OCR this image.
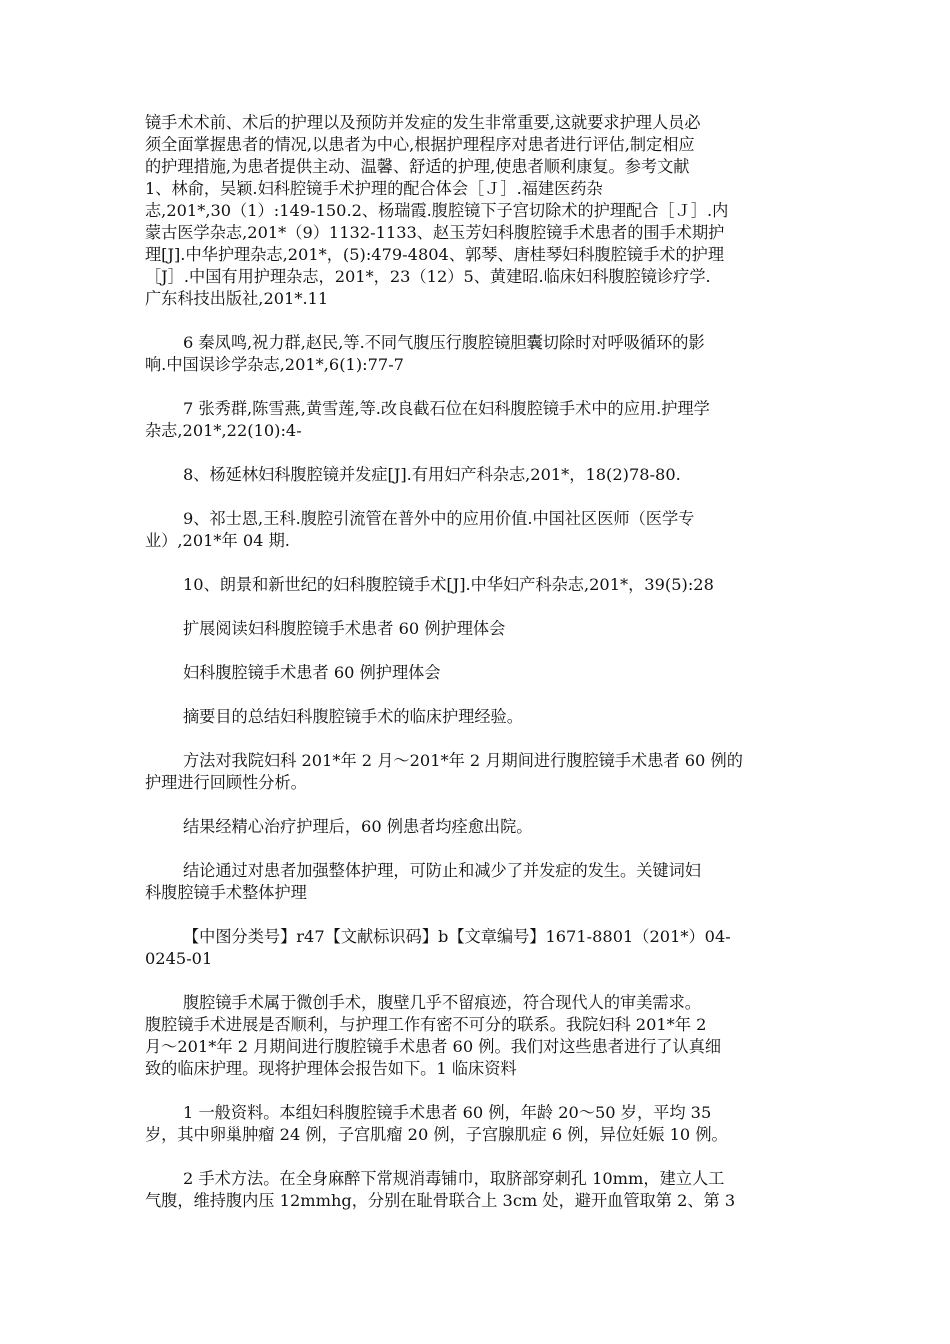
镜手术术前、术后的护理以及预防并发症的发生非常重要,这就要求护理人员必
须全面掌握患者的情况,以患者为中心,根据护理程序对患者进行评估,制定相应
的护理措施,为患者提供主动、温馨、舒适的护理,使患者顺利康复。参考文献
1、林俞，吴颖.妇科腔镜手术护理的配合体会［Ｊ］.福建医药杂
志,201*,30（1）:149-150.2、杨瑞霞.腹腔镜下子宫切除术的护理配合［Ｊ］.内
蒙古医学杂志,201*（9）1132-1133、赵玉芳妇科腹腔镜手术患者的围手术期护
理[J].中华护理杂志,201*，(5):479-4804、郭琴、唐桂琴妇科腹腔镜手术的护理
［J］.中国有用护理杂志，201*，23（12）5、黄建昭.临床妇科腹腔镜诊疗学.
广东科技出版社,201*.11
6 秦凤鸣,祝力群,赵民,等.不同气腹压行腹腔镜胆囊切除时对呼吸循环的影
响.中国误诊学杂志,201*,6(1):77-7
7 张秀群,陈雪燕,黄雪莲,等.改良截石位在妇科腹腔镜手术中的应用.护理学
杂志,201*,22(10):4-
8、杨延林妇科腹腔镜并发症[J].有用妇产科杂志,201*，18(2)78-80.
9、祁士恩,王科.腹腔引流管在普外中的应用价值.中国社区医师（医学专
业）,201*年 04 期.
10、朗景和新世纪的妇科腹腔镜手术[J].中华妇产科杂志,201*，39(5):28
扩展阅读妇科腹腔镜手术患者 60 例护理体会
妇科腹腔镜手术患者 60 例护理体会
摘要目的总结妇科腹腔镜手术的临床护理经验。
方法对我院妇科 201*年 2 月～201*年 2 月期间进行腹腔镜手术患者 60 例的
护理进行回顾性分析。
结果经精心治疗护理后，60 例患者均痊愈出院。
结论通过对患者加强整体护理，可防止和减少了并发症的发生。关键词妇
科腹腔镜手术整体护理
【中图分类号】r47【文献标识码】b【文章编号】1671-8801（201*）04-
0245-01
腹腔镜手术属于微创手术，腹壁几乎不留痕迹，符合现代人的审美需求。
腹腔镜手术进展是否顺利，与护理工作有密不可分的联系。我院妇科 201*年 2
月～201*年 2 月期间进行腹腔镜手术患者 60 例。我们对这些患者进行了认真细
致的临床护理。现将护理体会报告如下。1 临床资料
1 一般资料。本组妇科腹腔镜手术患者 60 例，年龄 20～50 岁，平均 35
岁，其中卵巢肿瘤 24 例，子宫肌瘤 20 例，子宫腺肌症 6 例，异位妊娠 10 例。
2 手术方法。在全身麻醉下常规消毒铺巾，取脐部穿刺孔 10mm，建立人工
气腹，维持腹内压 12mmhg，分别在耻骨联合上 3cm 处，避开血管取第 2、第 3
